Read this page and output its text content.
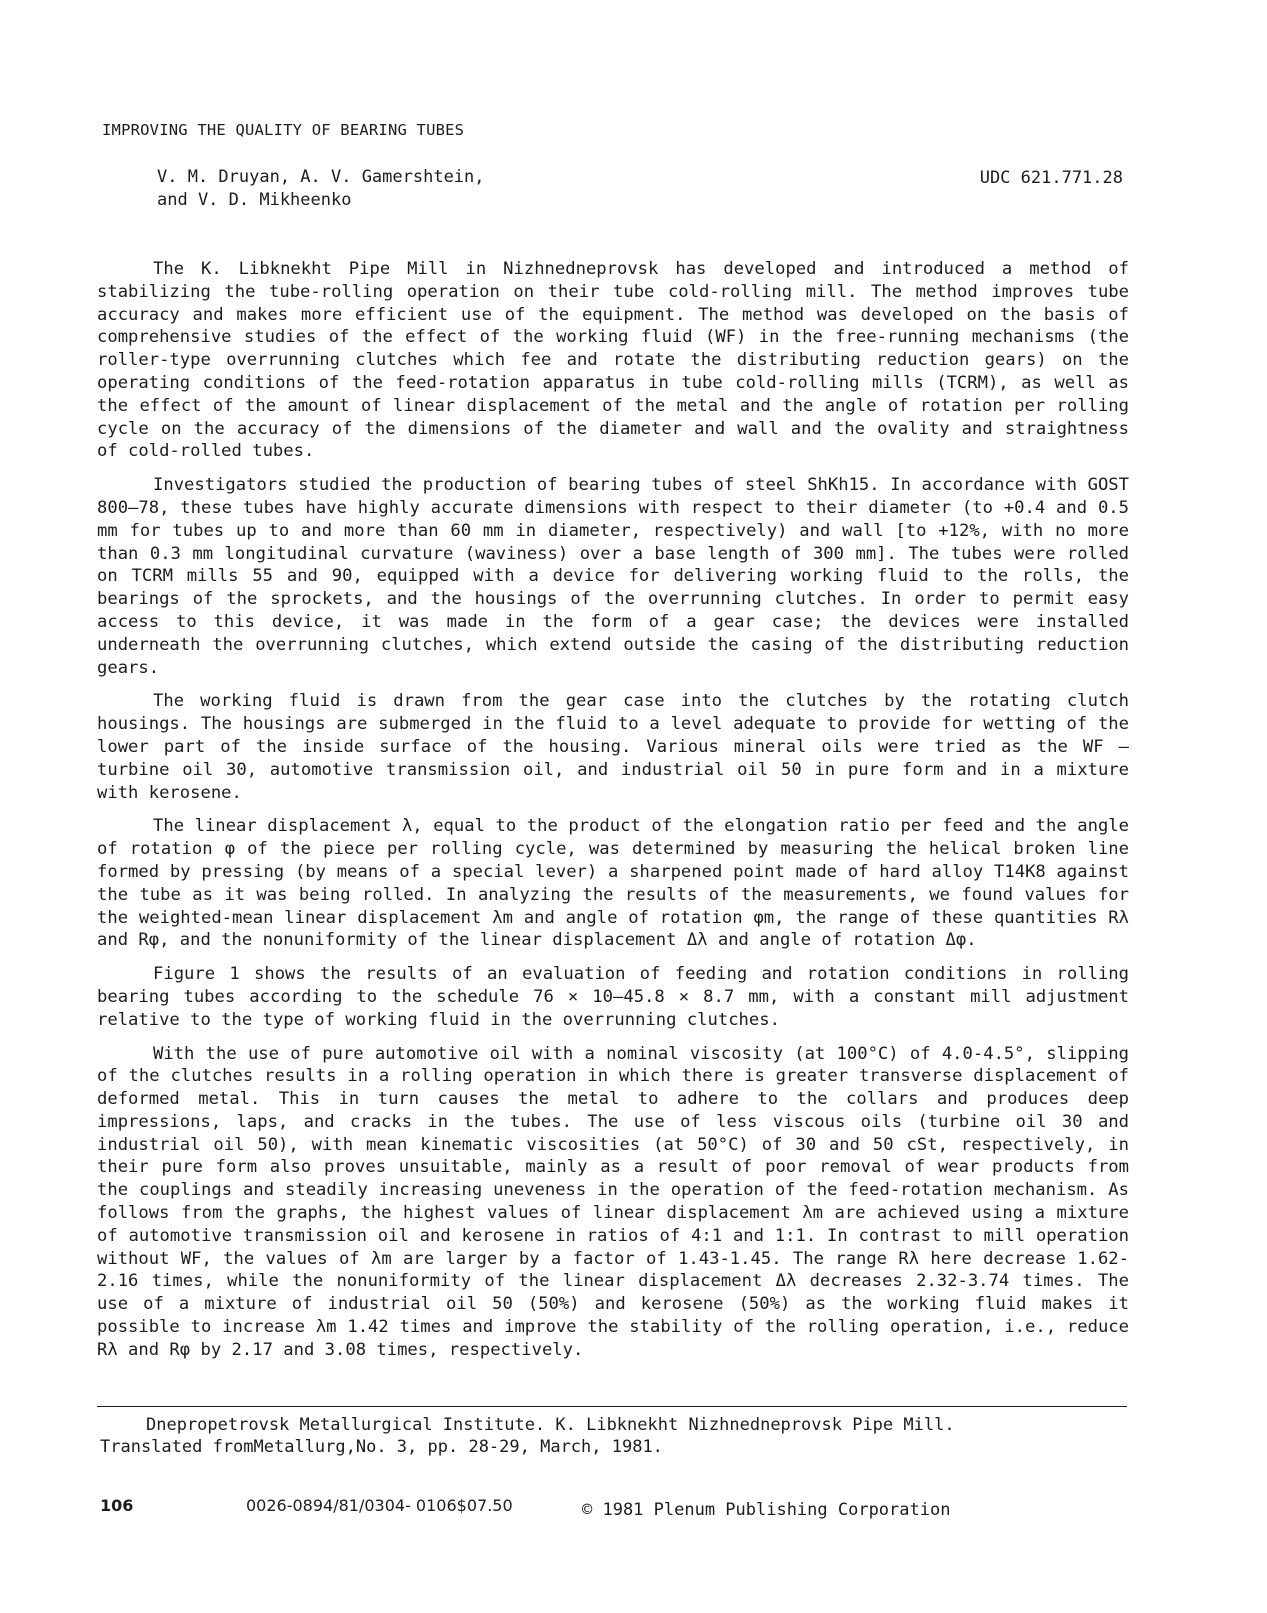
IMPROVING THE QUALITY OF BEARING TUBES
V. M. Druyan, A. V. Gamershtein,
and V. D. Mikheenko
UDC 621.771.28

The K. Libknekht Pipe Mill in Nizhnedneprovsk has developed and introduced a method of stabilizing the tube-rolling operation on their tube cold-rolling mill. The method improves tube accuracy and makes more efficient use of the equipment. The method was developed on the basis of comprehensive studies of the effect of the working fluid (WF) in the free-running mechanisms (the roller-type overrunning clutches which fee and rotate the distributing reduction gears) on the operating conditions of the feed-rotation apparatus in tube cold-rolling mills (TCRM), as well as the effect of the amount of linear displacement of the metal and the angle of rotation per rolling cycle on the accuracy of the dimensions of the diameter and wall and the ovality and straightness of cold-rolled tubes.

Investigators studied the production of bearing tubes of steel ShKh15. In accordance with GOST 800—78, these tubes have highly accurate dimensions with respect to their diameter (to +0.4 and 0.5 mm for tubes up to and more than 60 mm in diameter, respectively) and wall [to +12%, with no more than 0.3 mm longitudinal curvature (waviness) over a base length of 300 mm]. The tubes were rolled on TCRM mills 55 and 90, equipped with a device for delivering working fluid to the rolls, the bearings of the sprockets, and the housings of the overrunning clutches. In order to permit easy access to this device, it was made in the form of a gear case; the devices were installed underneath the overrunning clutches, which extend outside the casing of the distributing reduction gears.

The working fluid is drawn from the gear case into the clutches by the rotating clutch housings. The housings are submerged in the fluid to a level adequate to provide for wetting of the lower part of the inside surface of the housing. Various mineral oils were tried as the WF — turbine oil 30, automotive transmission oil, and industrial oil 50 in pure form and in a mixture with kerosene.

The linear displacement λ, equal to the product of the elongation ratio per feed and the angle of rotation φ of the piece per rolling cycle, was determined by measuring the helical broken line formed by pressing (by means of a special lever) a sharpened point made of hard alloy T14K8 against the tube as it was being rolled. In analyzing the results of the measurements, we found values for the weighted-mean linear displacement λm and angle of rotation φm, the range of these quantities Rλ and Rφ, and the nonuniformity of the linear displacement Δλ and angle of rotation Δφ.

Figure 1 shows the results of an evaluation of feeding and rotation conditions in rolling bearing tubes according to the schedule 76 × 10—45.8 × 8.7 mm, with a constant mill adjustment relative to the type of working fluid in the overrunning clutches.

With the use of pure automotive oil with a nominal viscosity (at 100°C) of 4.0-4.5°, slipping of the clutches results in a rolling operation in which there is greater transverse displacement of deformed metal. This in turn causes the metal to adhere to the collars and produces deep impressions, laps, and cracks in the tubes. The use of less viscous oils (turbine oil 30 and industrial oil 50), with mean kinematic viscosities (at 50°C) of 30 and 50 cSt, respectively, in their pure form also proves unsuitable, mainly as a result of poor removal of wear products from the couplings and steadily increasing uneveness in the operation of the feed-rotation mechanism. As follows from the graphs, the highest values of linear displacement λm are achieved using a mixture of automotive transmission oil and kerosene in ratios of 4:1 and 1:1. In contrast to mill operation without WF, the values of λm are larger by a factor of 1.43-1.45. The range Rλ here decrease 1.62-2.16 times, while the nonuniformity of the linear displacement Δλ decreases 2.32-3.74 times. The use of a mixture of industrial oil 50 (50%) and kerosene (50%) as the working fluid makes it possible to increase λm 1.42 times and improve the stability of the rolling operation, i.e., reduce Rλ and Rφ by 2.17 and 3.08 times, respectively.

Dnepropetrovsk Metallurgical Institute. K. Libknekht Nizhnedneprovsk Pipe Mill.
Translated fromMetallurg,No. 3, pp. 28-29, March, 1981.
106	0026-0894/81/0304- 0106$07.50	© 1981 Plenum Publishing Corporation
